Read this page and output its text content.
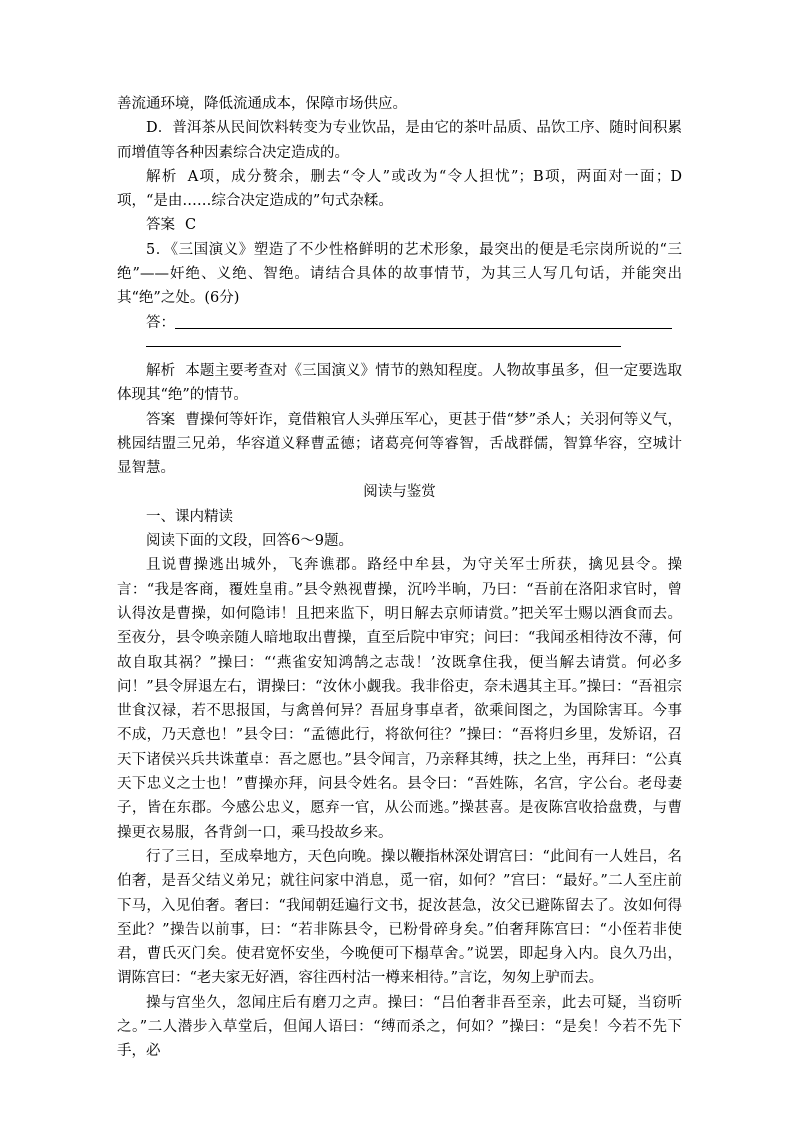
善流通环境，降低流通成本，保障市场供应。

D．普洱茶从民间饮料转变为专业饮品，是由它的茶叶品质、品饮工序、随时间积累而增值等各种因素综合决定造成的。

解析 A项，成分赘余，删去“令人”或改为“令人担忧”；B项，两面对一面；D项，“是由……综合决定造成的”句式杂糅。

答案 C

5．《三国演义》塑造了不少性格鲜明的艺术形象，最突出的便是毛宗岗所说的“三绝”——奸绝、义绝、智绝。请结合具体的故事情节，为其三人写几句话，并能突出其“绝”之处。(6分)

答：

解析 本题主要考查对《三国演义》情节的熟知程度。人物故事虽多，但一定要选取体现其“绝”的情节。

答案 曹操何等奸诈，竟借粮官人头弹压军心，更甚于借“梦”杀人；关羽何等义气，桃园结盟三兄弟，华容道义释曹孟德；诸葛亮何等睿智，舌战群儒，智算华容，空城计显智慧。

阅读与鉴赏

一、课内精读

阅读下面的文段，回答6～9题。

且说曹操逃出城外，飞奔谯郡。路经中牟县，为守关军士所获，擒见县令。操言：“我是客商，覆姓皇甫。”县令熟视曹操，沉吟半晌，乃曰：“吾前在洛阳求官时，曾认得汝是曹操，如何隐讳！且把来监下，明日解去京师请赏。”把关军士赐以酒食而去。至夜分，县令唤亲随人暗地取出曹操，直至后院中审究；问曰：“我闻丞相待汝不薄，何故自取其祸？”操曰：“‘燕雀安知鸿鹄之志哉！’汝既拿住我，便当解去请赏。何必多问！”县令屏退左右，谓操曰：“汝休小觑我。我非俗吏，奈未遇其主耳。”操曰：“吾祖宗世食汉禄，若不思报国，与禽兽何异？吾屈身事卓者，欲乘间图之，为国除害耳。今事不成，乃天意也！”县令曰：“孟德此行，将欲何往？”操曰：“吾将归乡里，发矫诏，召天下诸侯兴兵共诛董卓：吾之愿也。”县令闻言，乃亲释其缚，扶之上坐，再拜曰：“公真天下忠义之士也！”曹操亦拜，问县令姓名。县令曰：“吾姓陈，名宫，字公台。老母妻子，皆在东郡。今感公忠义，愿弃一官，从公而逃。”操甚喜。是夜陈宫收拾盘费，与曹操更衣易服，各背剑一口，乘马投故乡来。

行了三日，至成皋地方，天色向晚。操以鞭指林深处谓宫曰：“此间有一人姓吕，名伯奢，是吾父结义弟兄；就往问家中消息，觅一宿，如何？”宫曰：“最好。”二人至庄前下马，入见伯奢。奢曰：“我闻朝廷遍行文书，捉汝甚急，汝父已避陈留去了。汝如何得至此？”操告以前事，曰：“若非陈县令，已粉骨碎身矣。”伯奢拜陈宫曰：“小侄若非使君，曹氏灭门矣。使君宽怀安坐，今晚便可下榻草舍。”说罢，即起身入内。良久乃出，谓陈宫曰：“老夫家无好酒，容往西村沽一樽来相待。”言讫，匆匆上驴而去。

操与宫坐久，忽闻庄后有磨刀之声。操曰：“吕伯奢非吾至亲，此去可疑，当窃听之。”二人潜步入草堂后，但闻人语曰：“缚而杀之，何如？”操曰：“是矣！今若不先下手，必
